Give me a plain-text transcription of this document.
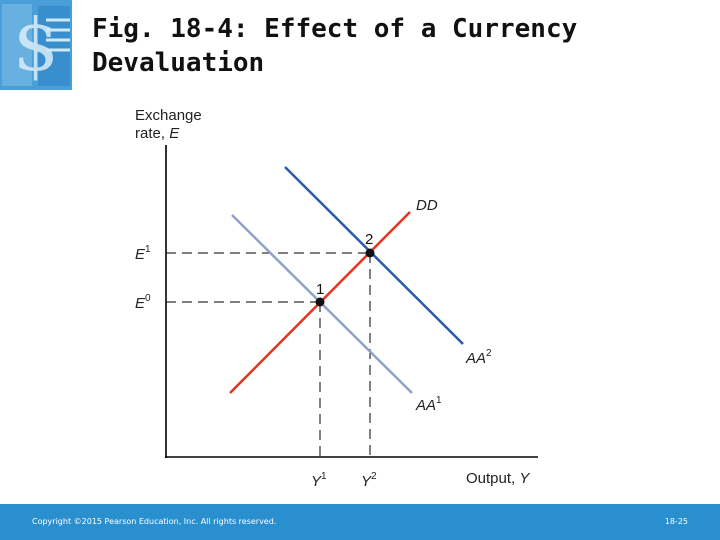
$ Fig. 18-4: Effect of a Currency
Devaluation
1
2
Exchange
rate, E
Output, Y
DD
$AA^2$
$AA^1$
$E^1$
$E^0$
$Y^1$ $Y^2$
Copyright ©2015 Pearson Education, Inc. All rights reserved.	18-25
